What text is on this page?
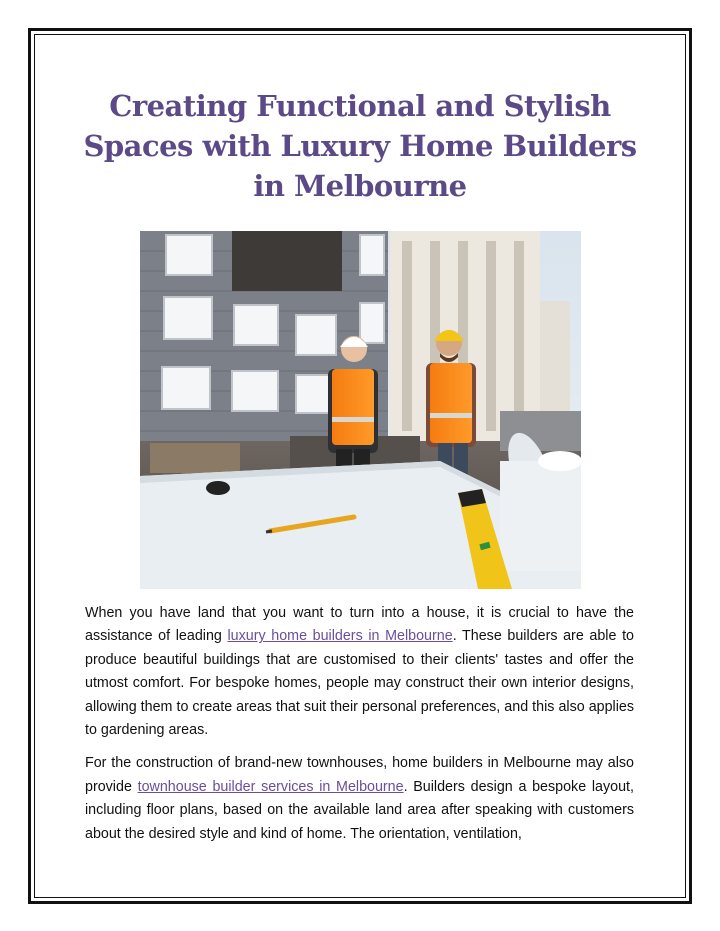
Creating Functional and Stylish Spaces with Luxury Home Builders in Melbourne

When you have land that you want to turn into a house, it is crucial to have the assistance of leading luxury home builders in Melbourne. These builders are able to produce beautiful buildings that are customised to their clients' tastes and offer the utmost comfort. For bespoke homes, people may construct their own interior designs, allowing them to create areas that suit their personal preferences, and this also applies to gardening areas.

For the construction of brand-new townhouses, home builders in Melbourne may also provide townhouse builder services in Melbourne. Builders design a bespoke layout, including floor plans, based on the available land area after speaking with customers about the desired style and kind of home. The orientation, ventilation,
